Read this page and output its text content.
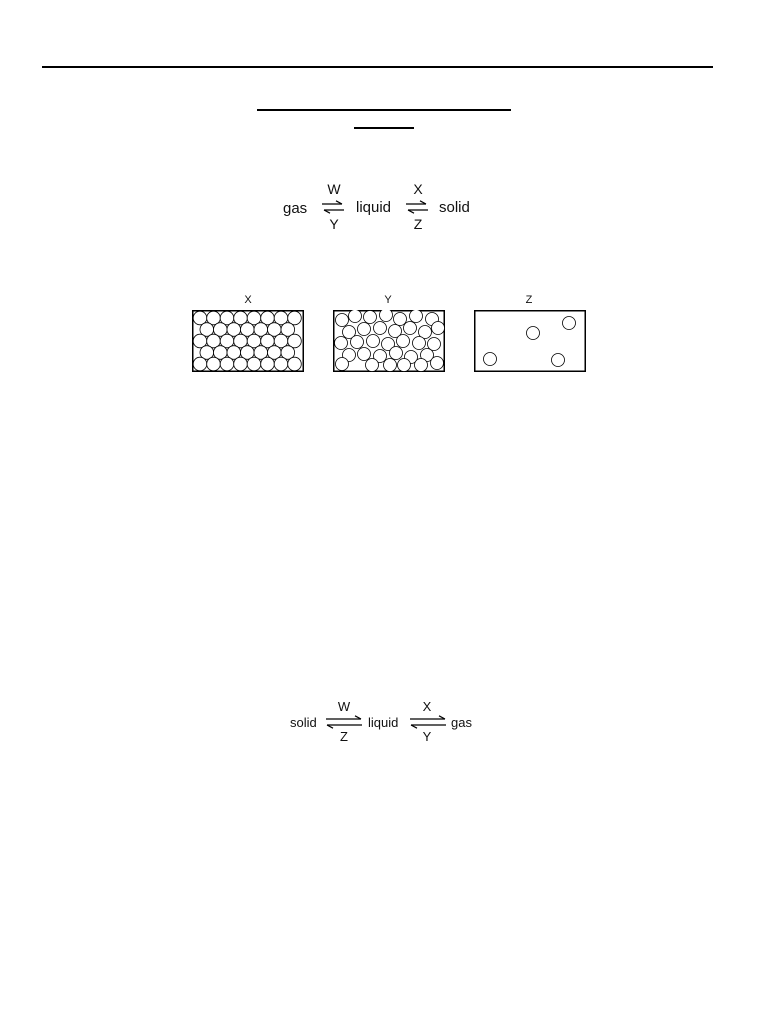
gas
W
Y
liquid
X
Z
solid
X	Y	Z
solid
W
Z
liquid
X
Y
gas
